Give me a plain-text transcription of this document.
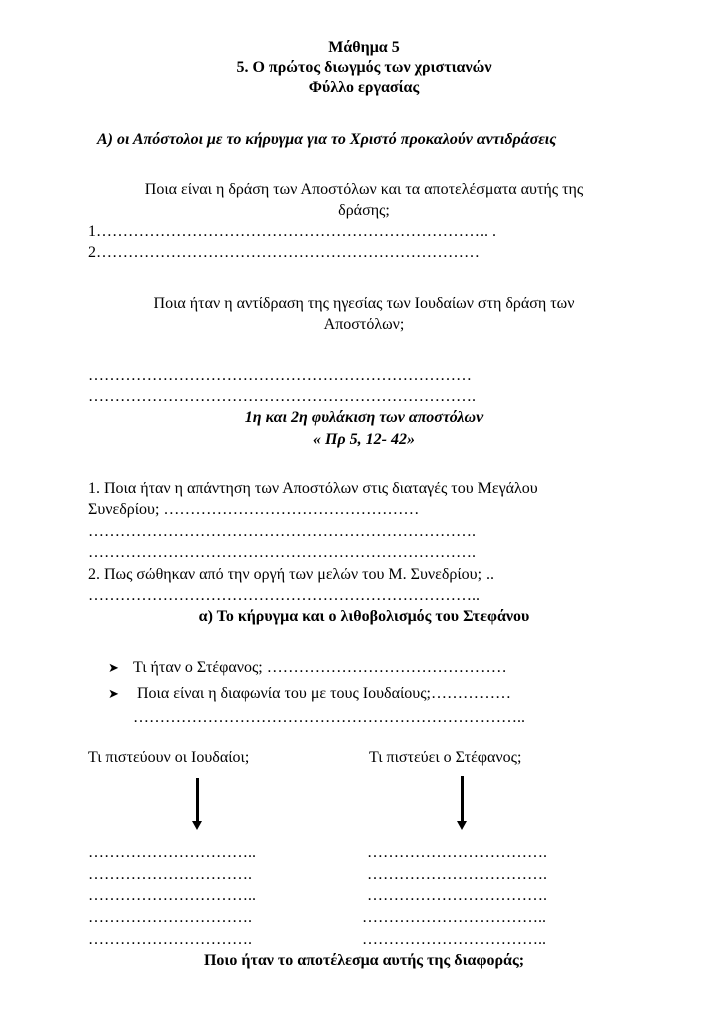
Μάθημα 5
5. Ο πρώτος διωγμός των χριστιανών
Φύλλο εργασίας
Α) οι Απόστολοι με το κήρυγμα για το Χριστό προκαλούν αντιδράσεις
Ποια είναι η δράση των Αποστόλων και τα αποτελέσματα αυτής της
δράσης;
1……………………………………………………………….. .
2………………………………………………………………
Ποια ήταν η αντίδραση της ηγεσίας των Ιουδαίων στη δράση των
Αποστόλων;
………………………………………………………………
……………………………………………………………….
1η και 2η φυλάκιση των αποστόλων
« Πρ 5, 12- 42»
1. Ποια ήταν η απάντηση των Αποστόλων στις διαταγές του Μεγάλου
Συνεδρίου; …………………………………………
……………………………………………………………….
……………………………………………………………….
2. Πως σώθηκαν από την οργή των μελών του Μ. Συνεδρίου; ..
………………………………………………………………..
α) Το κήρυγμα και ο λιθοβολισμός του Στεφάνου
➤ Τι ήταν ο Στέφανος; ………………………………………
➤ Ποια είναι η διαφωνία του με τους Ιουδαίους;……………
………………………………………………………………..
Τι πιστεύουν οι Ιουδαίοι;	Τι πιστεύει ο Στέφανος;
…………………………..
………………………….
…………………………..
………………………….
………………………….
…………………………….
…………………………….
…………………………….
……………………………..
……………………………..
Ποιο ήταν το αποτέλεσμα αυτής της διαφοράς;
